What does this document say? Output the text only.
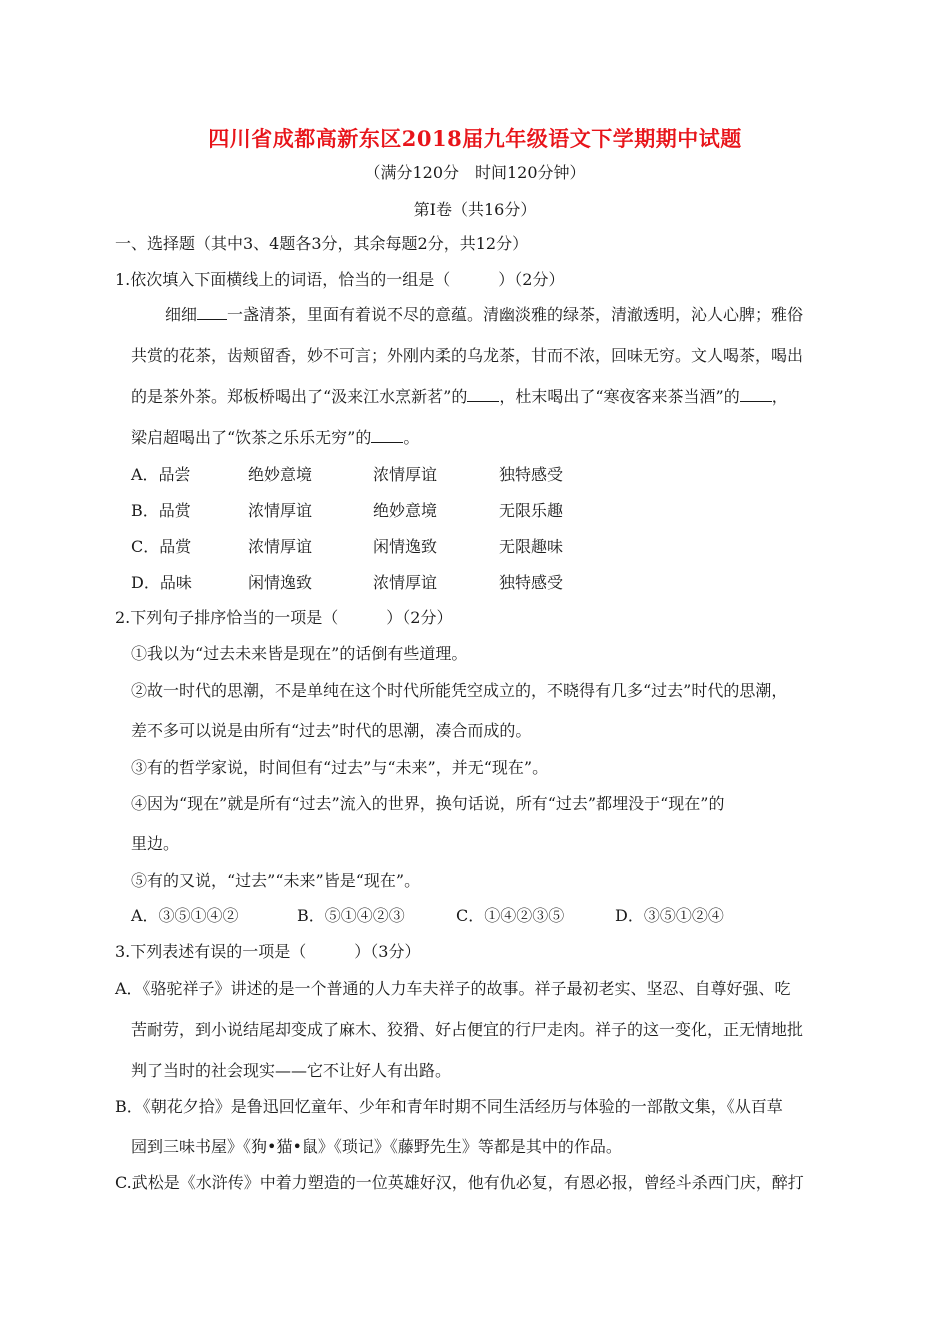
四川省成都高新东区2018届九年级语文下学期期中试题
（满分120分　时间120分钟）
第Ⅰ卷（共16分）
一、选择题（其中3、4题各3分，其余每题2分，共12分）
1.依次填入下面横线上的词语，恰当的一组是（　　　）（2分）
细细 一盏清茶，里面有着说不尽的意蕴。清幽淡雅的绿茶，清澈透明，沁人心脾；雅俗
共赏的花茶，齿颊留香，妙不可言；外刚内柔的乌龙茶，甘而不浓，回味无穷。文人喝茶，喝出
的是茶外茶。郑板桥喝出了“汲来江水烹新茗”的 ，杜末喝出了“寒夜客来茶当酒”的 ，
梁启超喝出了“饮茶之乐乐无穷”的 。
A．品尝	绝妙意境	浓情厚谊	独特感受
B．品赏	浓情厚谊	绝妙意境	无限乐趣
C．品赏	浓情厚谊	闲情逸致	无限趣味
D．品味	闲情逸致	浓情厚谊	独特感受
2.下列句子排序恰当的一项是（　　　）（2分）
①我以为“过去未来皆是现在”的话倒有些道理。
②故一时代的思潮，不是单纯在这个时代所能凭空成立的，不晓得有几多“过去”时代的思潮，
差不多可以说是由所有“过去”时代的思潮，凑合而成的。
③有的哲学家说，时间但有“过去”与“未来”，并无“现在”。
④因为“现在”就是所有“过去”流入的世界，换句话说，所有“过去”都埋没于“现在”的
里边。
⑤有的又说，“过去”“未来”皆是“现在”。
A．③⑤①④②	B．⑤①④②③	C．①④②③⑤	D．③⑤①②④
3.下列表述有误的一项是（　　　）（3分）
A．《骆驼祥子》讲述的是一个普通的人力车夫祥子的故事。祥子最初老实、坚忍、自尊好强、吃
苦耐劳，到小说结尾却变成了麻木、狡猾、好占便宜的行尸走肉。祥子的这一变化，正无情地批
判了当时的社会现实——它不让好人有出路。
B．《朝花夕拾》是鲁迅回忆童年、少年和青年时期不同生活经历与体验的一部散文集，《从百草
园到三味书屋》《狗•猫•鼠》《琐记》《藤野先生》等都是其中的作品。
C.武松是《水浒传》中着力塑造的一位英雄好汉，他有仇必复，有恩必报，曾经斗杀西门庆，醉打
